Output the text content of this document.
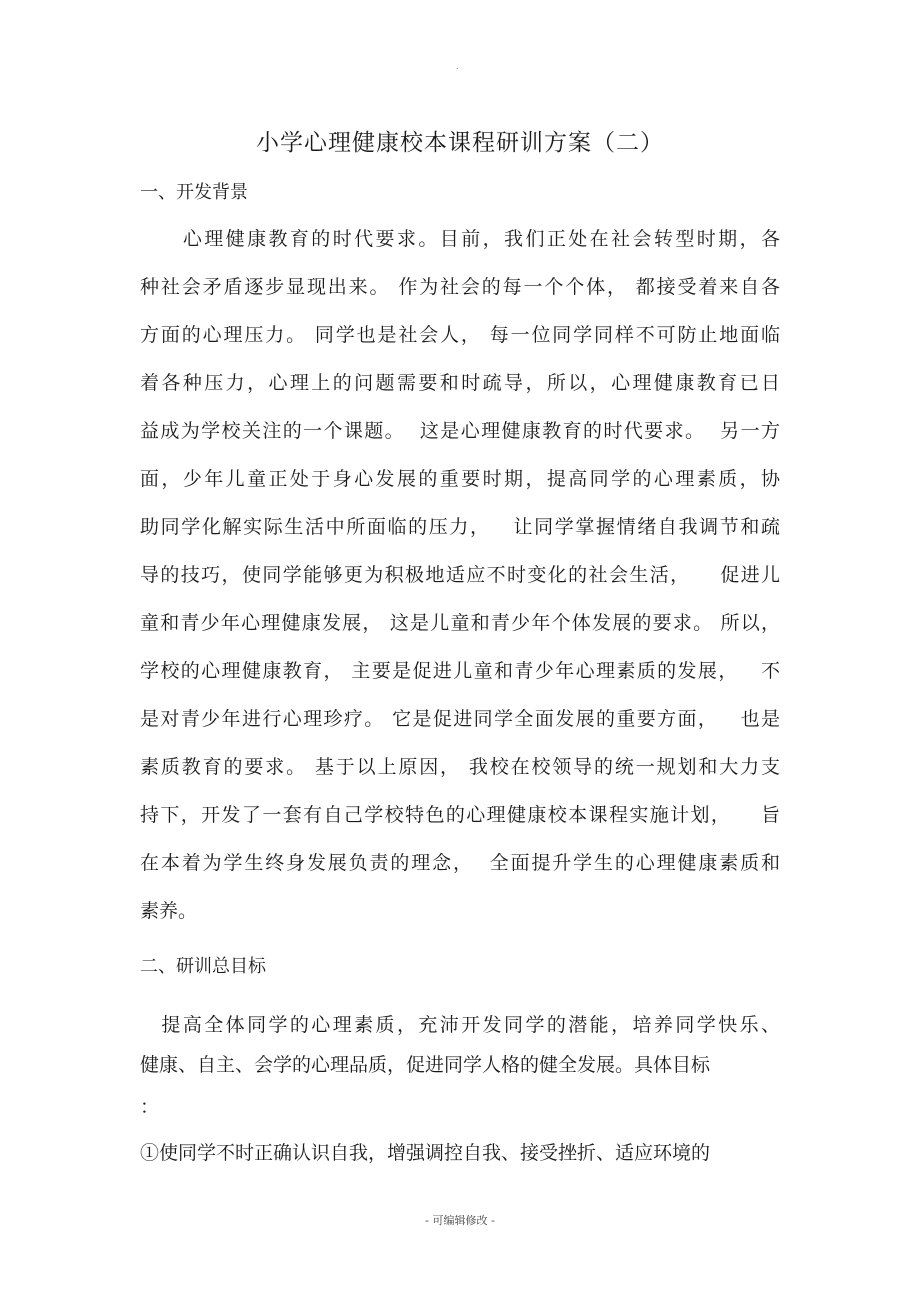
.
小学心理健康校本课程研训方案（二）
一、开发背景
　　心理健康教育的时代要求。目前，我们正处在社会转型时期，各
种社会矛盾逐步显现出来。 作为社会的每一个个体， 都接受着来自各
方面的心理压力。 同学也是社会人， 每一位同学同样不可防止地面临
着各种压力，心理上的问题需要和时疏导，所以，心理健康教育已日
益成为学校关注的一个课题。  这是心理健康教育的时代要求。  另一方
面，少年儿童正处于身心发展的重要时期，提高同学的心理素质，协
助同学化解实际生活中所面临的压力，   让同学掌握情绪自我调节和疏
导的技巧，使同学能够更为积极地适应不时变化的社会生活，    促进儿
童和青少年心理健康发展， 这是儿童和青少年个体发展的要求。 所以，
学校的心理健康教育， 主要是促进儿童和青少年心理素质的发展，   不
是对青少年进行心理珍疗。 它是促进同学全面发展的重要方面，   也是
素质教育的要求。 基于以上原因， 我校在校领导的统一规划和大力支
持下，开发了一套有自己学校特色的心理健康校本课程实施计划，    旨
在本着为学生终身发展负责的理念，  全面提升学生的心理健康素质和
素养。
二、研训总目标
　提高全体同学的心理素质，充沛开发同学的潜能，培养同学快乐、
健康、自主、会学的心理品质，促进同学人格的健全发展。具体目标
：
①使同学不时正确认识自我，增强调控自我、接受挫折、适应环境的
- 可编辑修改 -
